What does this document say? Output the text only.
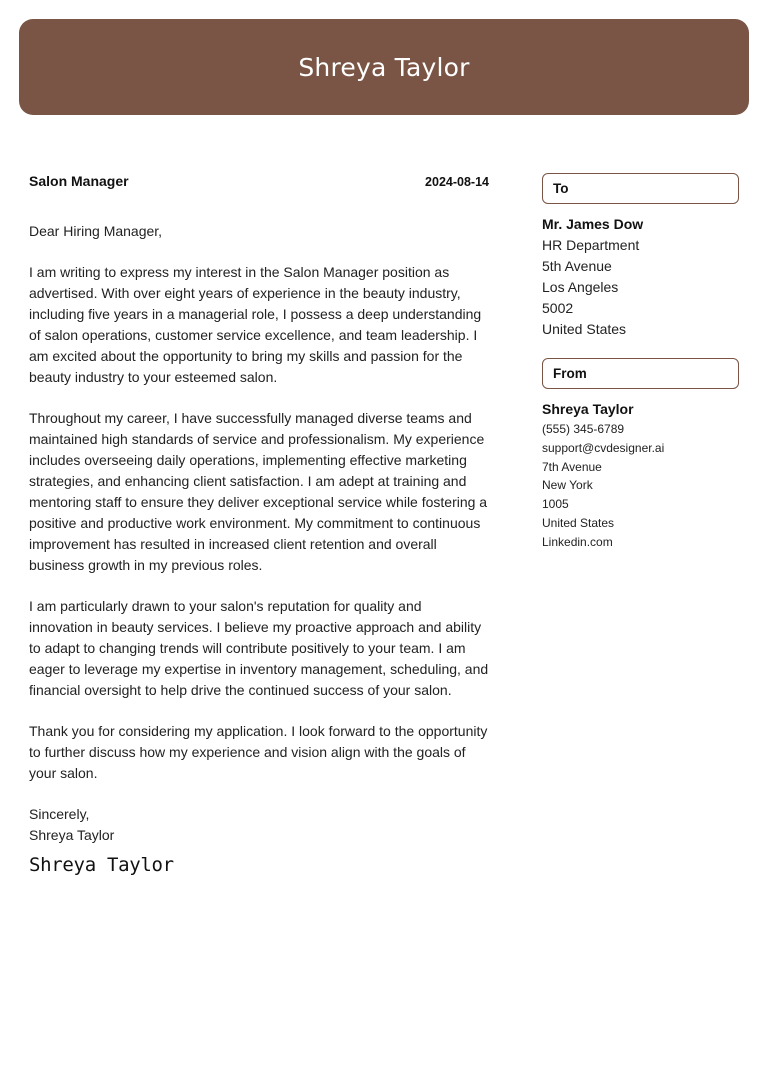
Shreya Taylor
Salon Manager	2024-08-14
Dear Hiring Manager,
I am writing to express my interest in the Salon Manager position as advertised. With over eight years of experience in the beauty industry, including five years in a managerial role, I possess a deep understanding of salon operations, customer service excellence, and team leadership. I am excited about the opportunity to bring my skills and passion for the beauty industry to your esteemed salon.
Throughout my career, I have successfully managed diverse teams and maintained high standards of service and professionalism. My experience includes overseeing daily operations, implementing effective marketing strategies, and enhancing client satisfaction. I am adept at training and mentoring staff to ensure they deliver exceptional service while fostering a positive and productive work environment. My commitment to continuous improvement has resulted in increased client retention and overall business growth in my previous roles.
I am particularly drawn to your salon's reputation for quality and innovation in beauty services. I believe my proactive approach and ability to adapt to changing trends will contribute positively to your team. I am eager to leverage my expertise in inventory management, scheduling, and financial oversight to help drive the continued success of your salon.
Thank you for considering my application. I look forward to the opportunity to further discuss how my experience and vision align with the goals of your salon.
Sincerely,
Shreya Taylor
Shreya Taylor
To
Mr. James Dow
HR Department
5th Avenue
Los Angeles
5002
United States
From
Shreya Taylor
(555) 345-6789
support@cvdesigner.ai
7th Avenue
New York
1005
United States
Linkedin.com
